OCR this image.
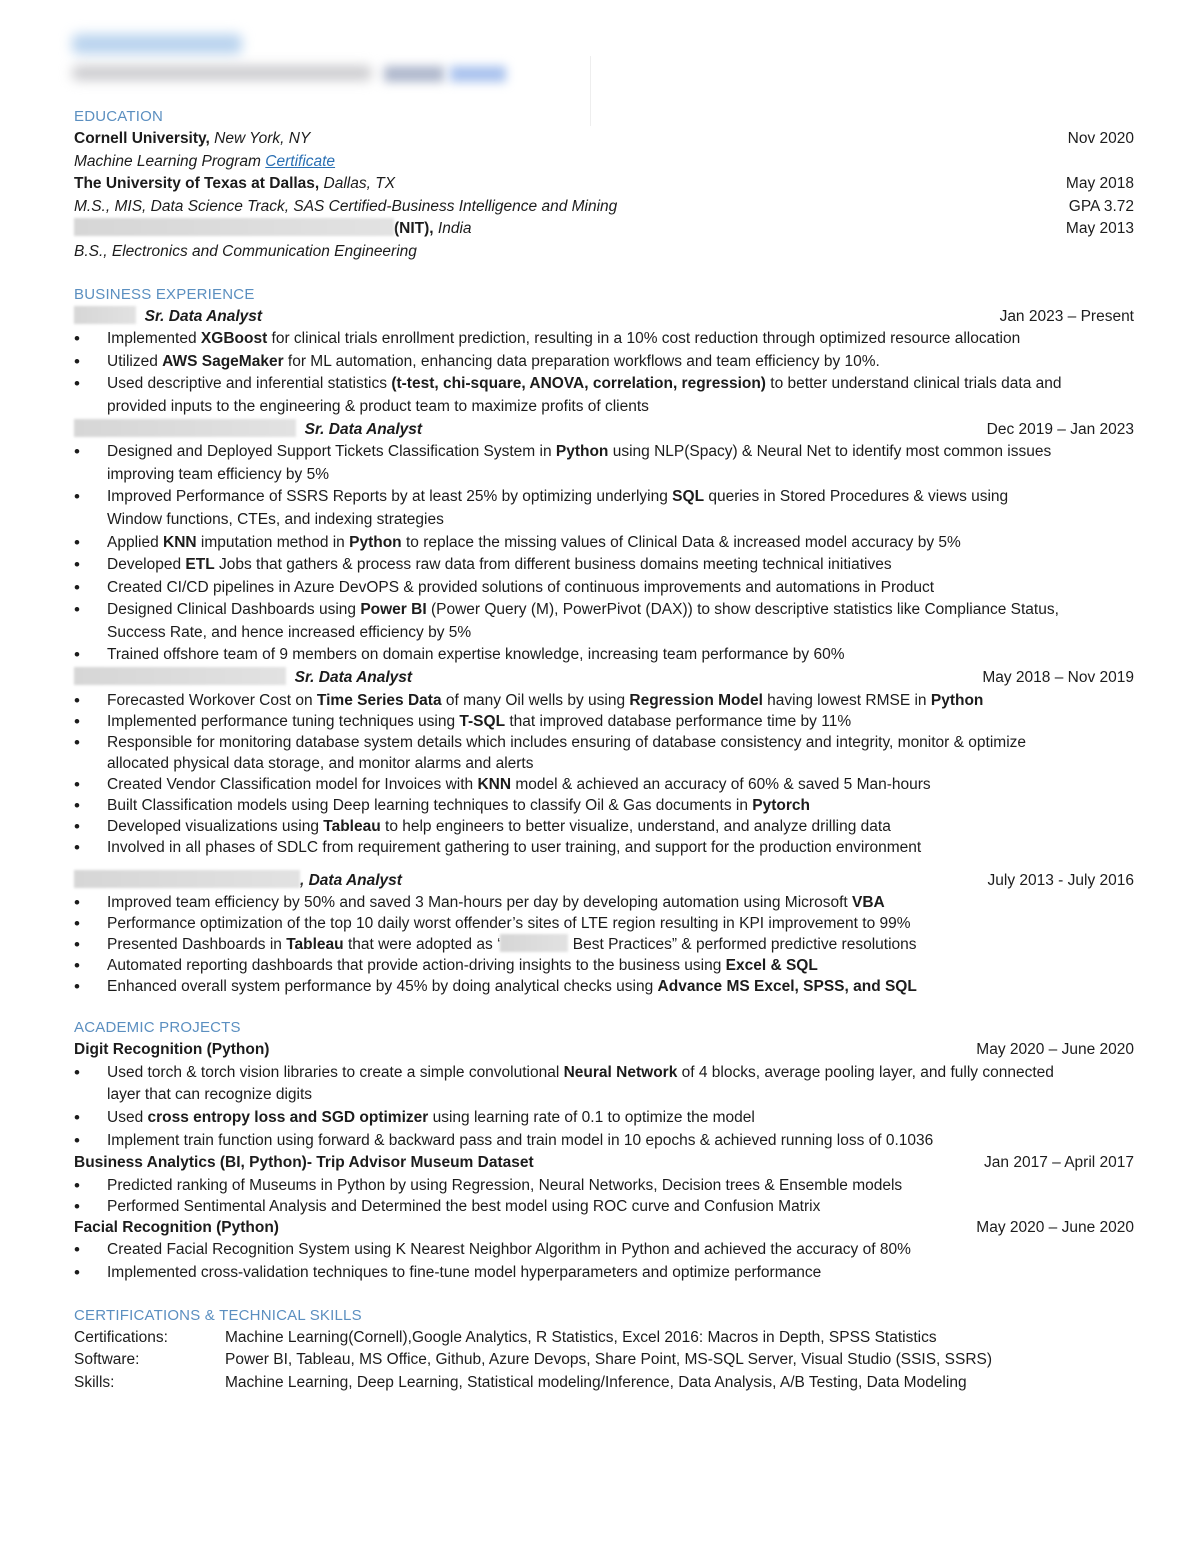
EDUCATION
Cornell University, New York, NY	Nov 2020
Machine Learning Program Certificate
The University of Texas at Dallas, Dallas, TX	May 2018
M.S., MIS, Data Science Track, SAS Certified-Business Intelligence and Mining	GPA 3.72
(NIT), India	May 2013
B.S., Electronics and Communication Engineering
BUSINESS EXPERIENCE
Sr. Data Analyst	Jan 2023 – Present
• Implemented XGBoost for clinical trials enrollment prediction, resulting in a 10% cost reduction through optimized resource allocation
• Utilized AWS SageMaker for ML automation, enhancing data preparation workflows and team efficiency by 10%.
• Used descriptive and inferential statistics (t-test, chi-square, ANOVA, correlation, regression) to better understand clinical trials data and provided inputs to the engineering & product team to maximize profits of clients
Sr. Data Analyst	Dec 2019 – Jan 2023
• Designed and Deployed Support Tickets Classification System in Python using NLP(Spacy) & Neural Net to identify most common issues improving team efficiency by 5%
• Improved Performance of SSRS Reports by at least 25% by optimizing underlying SQL queries in Stored Procedures & views using Window functions, CTEs, and indexing strategies
• Applied KNN imputation method in Python to replace the missing values of Clinical Data & increased model accuracy by 5%
• Developed ETL Jobs that gathers & process raw data from different business domains meeting technical initiatives
• Created CI/CD pipelines in Azure DevOPS & provided solutions of continuous improvements and automations in Product
• Designed Clinical Dashboards using Power BI (Power Query (M), PowerPivot (DAX)) to show descriptive statistics like Compliance Status, Success Rate, and hence increased efficiency by 5%
• Trained offshore team of 9 members on domain expertise knowledge, increasing team performance by 60%
Sr. Data Analyst	May 2018 – Nov 2019
• Forecasted Workover Cost on Time Series Data of many Oil wells by using Regression Model having lowest RMSE in Python
• Implemented performance tuning techniques using T-SQL that improved database performance time by 11%
• Responsible for monitoring database system details which includes ensuring of database consistency and integrity, monitor & optimize allocated physical data storage, and monitor alarms and alerts
• Created Vendor Classification model for Invoices with KNN model & achieved an accuracy of 60% & saved 5 Man-hours
• Built Classification models using Deep learning techniques to classify Oil & Gas documents in Pytorch
• Developed visualizations using Tableau to help engineers to better visualize, understand, and analyze drilling data
• Involved in all phases of SDLC from requirement gathering to user training, and support for the production environment
, Data Analyst	July 2013 - July 2016
• Improved team efficiency by 50% and saved 3 Man-hours per day by developing automation using Microsoft VBA
• Performance optimization of the top 10 daily worst offender’s sites of LTE region resulting in KPI improvement to 99%
• Presented Dashboards in Tableau that were adopted as ‘	Best Practices” & performed predictive resolutions
• Automated reporting dashboards that provide action-driving insights to the business using Excel & SQL
• Enhanced overall system performance by 45% by doing analytical checks using Advance MS Excel, SPSS, and SQL
ACADEMIC PROJECTS
Digit Recognition (Python)	May 2020 – June 2020
• Used torch & torch vision libraries to create a simple convolutional Neural Network of 4 blocks, average pooling layer, and fully connected layer that can recognize digits
• Used cross entropy loss and SGD optimizer using learning rate of 0.1 to optimize the model
• Implement train function using forward & backward pass and train model in 10 epochs & achieved running loss of 0.1036
Business Analytics (BI, Python)- Trip Advisor Museum Dataset	Jan 2017 – April 2017
• Predicted ranking of Museums in Python by using Regression, Neural Networks, Decision trees & Ensemble models
• Performed Sentimental Analysis and Determined the best model using ROC curve and Confusion Matrix
Facial Recognition (Python)	May 2020 – June 2020
• Created Facial Recognition System using K Nearest Neighbor Algorithm in Python and achieved the accuracy of 80%
• Implemented cross-validation techniques to fine-tune model hyperparameters and optimize performance
CERTIFICATIONS & TECHNICAL SKILLS
Certifications:	Machine Learning(Cornell),Google Analytics, R Statistics, Excel 2016: Macros in Depth, SPSS Statistics
Software:	Power BI, Tableau, MS Office, Github, Azure Devops, Share Point, MS-SQL Server, Visual Studio (SSIS, SSRS)
Skills:	Machine Learning, Deep Learning, Statistical modeling/Inference, Data Analysis, A/B Testing, Data Modeling
